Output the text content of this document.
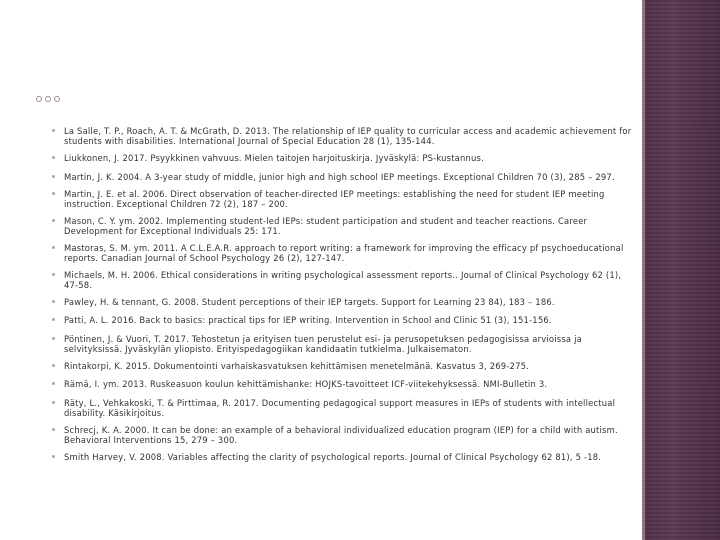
La Salle, T. P., Roach, A. T. & McGrath, D. 2013. The relationship of IEP quality to curricular access and academic achievement for students with disabilities. International Journal of Special Education 28 (1), 135-144.
Liukkonen, J. 2017. Psyykkinen vahvuus. Mielen taitojen harjoituskirja. Jyväskylä: PS-kustannus.
Martin, J. K. 2004. A 3-year study of middle, junior high and high school IEP meetings. Exceptional Children 70 (3), 285 – 297.
Martin, J. E. et al. 2006. Direct observation of teacher-directed IEP meetings: establishing the need for student IEP meeting instruction. Exceptional Children 72 (2), 187 – 200.
Mason, C. Y. ym. 2002. Implementing student-led IEPs: student participation and student and teacher reactions. Career Development for Exceptional Individuals 25: 171.
Mastoras, S. M. ym. 2011. A C.L.E.A.R. approach to report writing: a framework for improving the efficacy pf psychoeducational reports. Canadian Journal of School Psychology 26 (2), 127-147.
Michaels, M. H. 2006. Ethical considerations in writing psychological assessment reports.. Journal of Clinical Psychology 62 (1), 47-58.
Pawley, H. & tennant, G. 2008. Student perceptions of their IEP targets. Support for Learning 23 84), 183 – 186.
Patti, A. L. 2016. Back to basics: practical tips for IEP writing. Intervention in School and Clinic 51 (3), 151-156.
Pöntinen, J. & Vuori, T. 2017. Tehostetun ja erityisen tuen perustelut esi- ja perusopetuksen pedagogisissa arvioissa ja selvityksissä. Jyväskylän yliopisto. Erityispedagogiikan kandidaatin tutkielma. Julkaisematon.
Rintakorpi, K. 2015. Dokumentointi varhaiskasvatuksen kehittämisen menetelmänä. Kasvatus 3, 269-275.
Rämä, I. ym. 2013. Ruskeasuon koulun kehittämishanke: HOJKS-tavoitteet ICF-viitekehyksessä. NMI-Bulletin 3.
Räty, L., Vehkakoski, T. & Pirttimaa, R. 2017. Documenting pedagogical support measures in IEPs of students with intellectual disability. Käsikirjoitus.
Schrecj, K. A. 2000. It can be done: an example of a behavioral individualized education program (IEP) for a child with autism. Behavioral Interventions 15, 279 – 300.
Smith Harvey, V. 2008. Variables affecting the clarity of psychological reports. Journal of Clinical Psychology 62 81), 5 -18.
